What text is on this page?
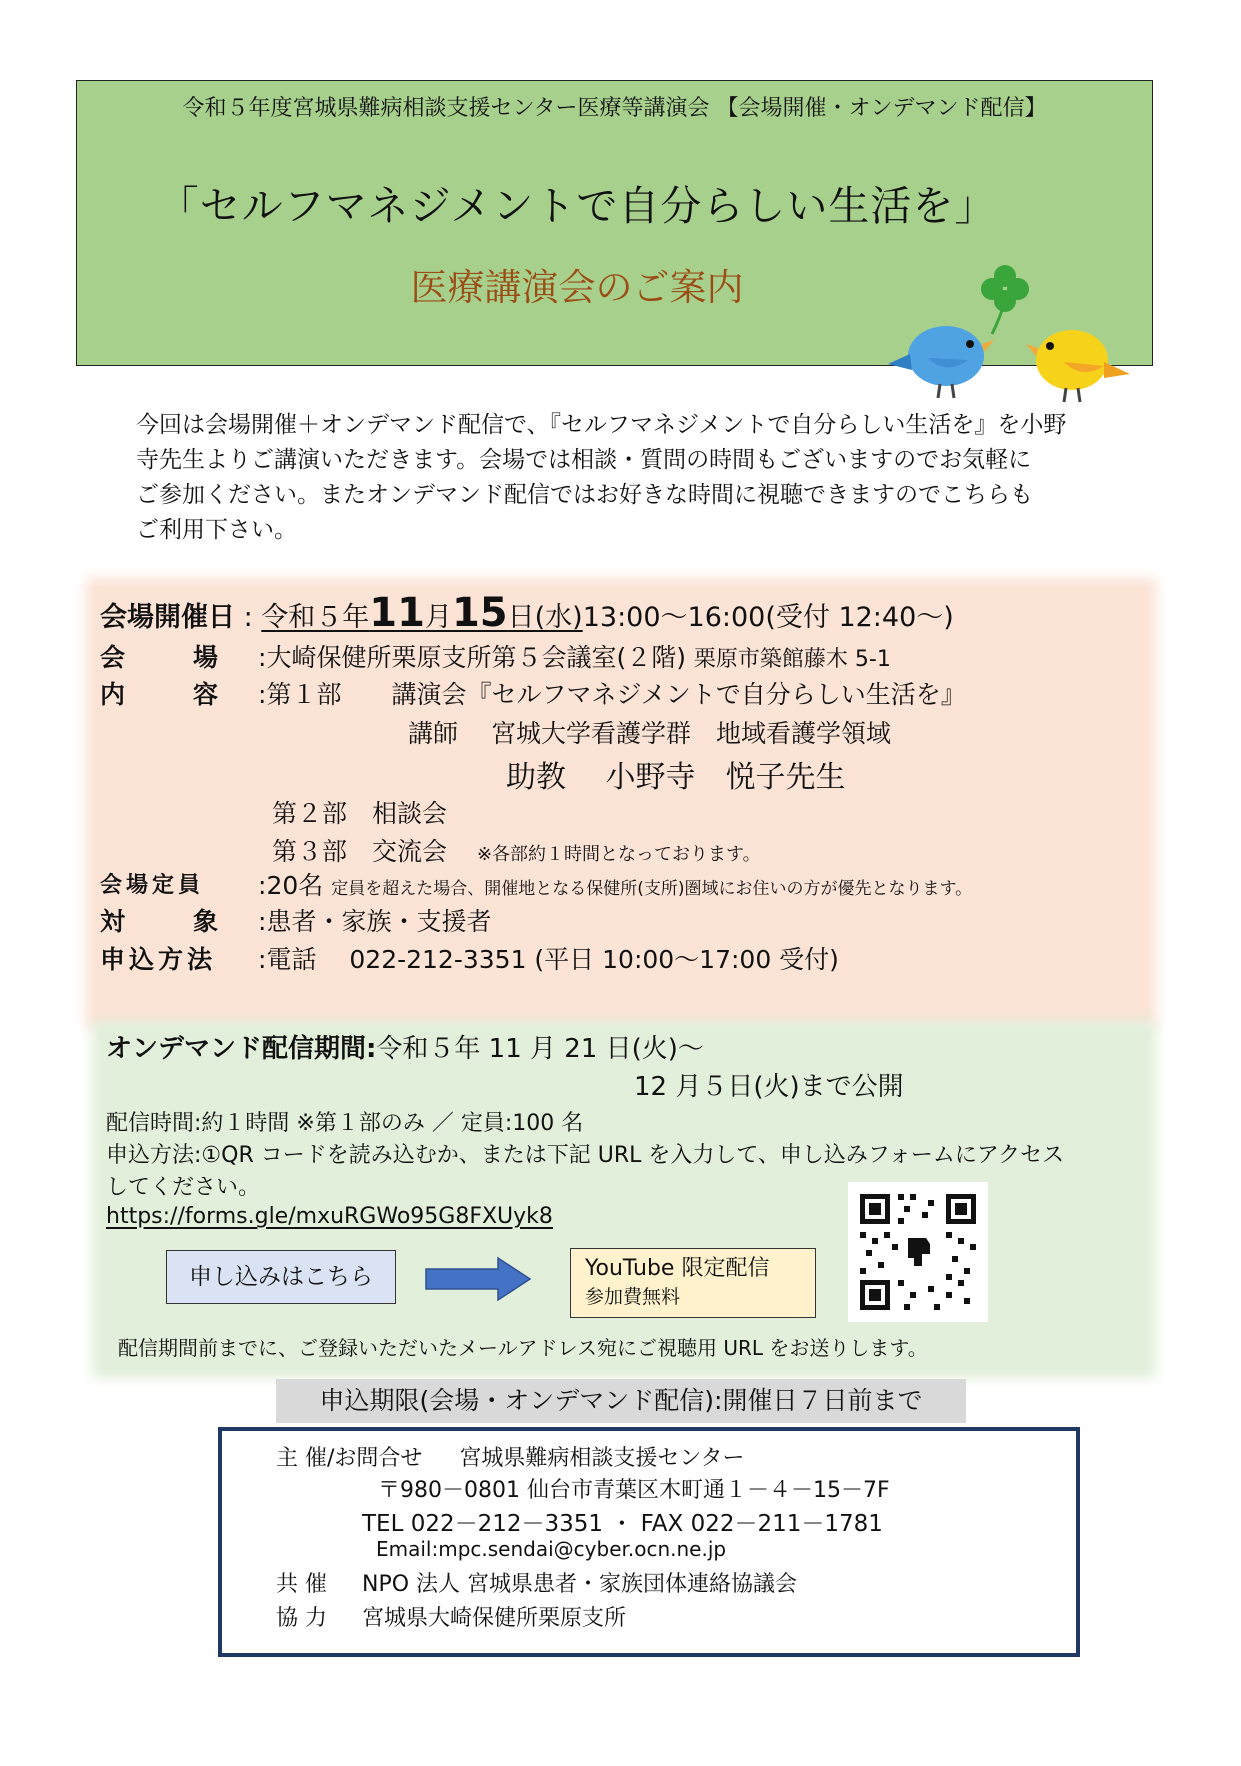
令和５年度宮城県難病相談支援センター医療等講演会 【会場開催・オンデマンド配信】
「セルフマネジメントで自分らしい生活を」
医療講演会のご案内
今回は会場開催＋オンデマンド配信で、『セルフマネジメントで自分らしい生活を』を小野
寺先生よりご講演いただきます。会場では相談・質問の時間もございますのでお気軽に
ご参加ください。またオンデマンド配信ではお好きな時間に視聴できますのでこちらも
ご利用下さい。
会場開催日 : 令和５年11月15日(水)13:00～16:00(受付 12:40～)
会　　場 :大崎保健所栗原支所第５会議室(２階) 栗原市築館藤木 5-1
内　　容 :第１部　　講演会『セルフマネジメントで自分らしい生活を』
講師　 宮城大学看護学群　地域看護学領域
助教　 小野寺　悦子先生
第２部　相談会
第３部　交流会 ※各部約１時間となっております。
会場定員 :20名 定員を超えた場合、開催地となる保健所(支所)圏域にお住いの方が優先となります。
対　　象 :患者・家族・支援者
申込方法 :電話　 022-212-3351 (平日 10:00～17:00 受付)
オンデマンド配信期間:令和５年 11 月 21 日(火)～
12 月５日(火)まで公開
配信時間:約１時間 ※第１部のみ ／ 定員:100 名
申込方法:①QR コードを読み込むか、または下記 URL を入力して、申し込みフォームにアクセス
してください。
https://forms.gle/mxuRGWo95G8FXUyk8
申し込みはこちら	YouTube 限定配信
参加費無料
配信期間前までに、ご登録いただいたメールアドレス宛にご視聴用 URL をお送りします。
申込期限(会場・オンデマンド配信):開催日７日前まで
主 催/お問合せ 宮城県難病相談支援センター
〒980－0801 仙台市青葉区木町通１－４－15－7F
TEL 022－212－3351 ・ FAX 022－211－1781
Email:mpc.sendai@cyber.ocn.ne.jp
共 催 NPO 法人 宮城県患者・家族団体連絡協議会
協 力 宮城県大崎保健所栗原支所
